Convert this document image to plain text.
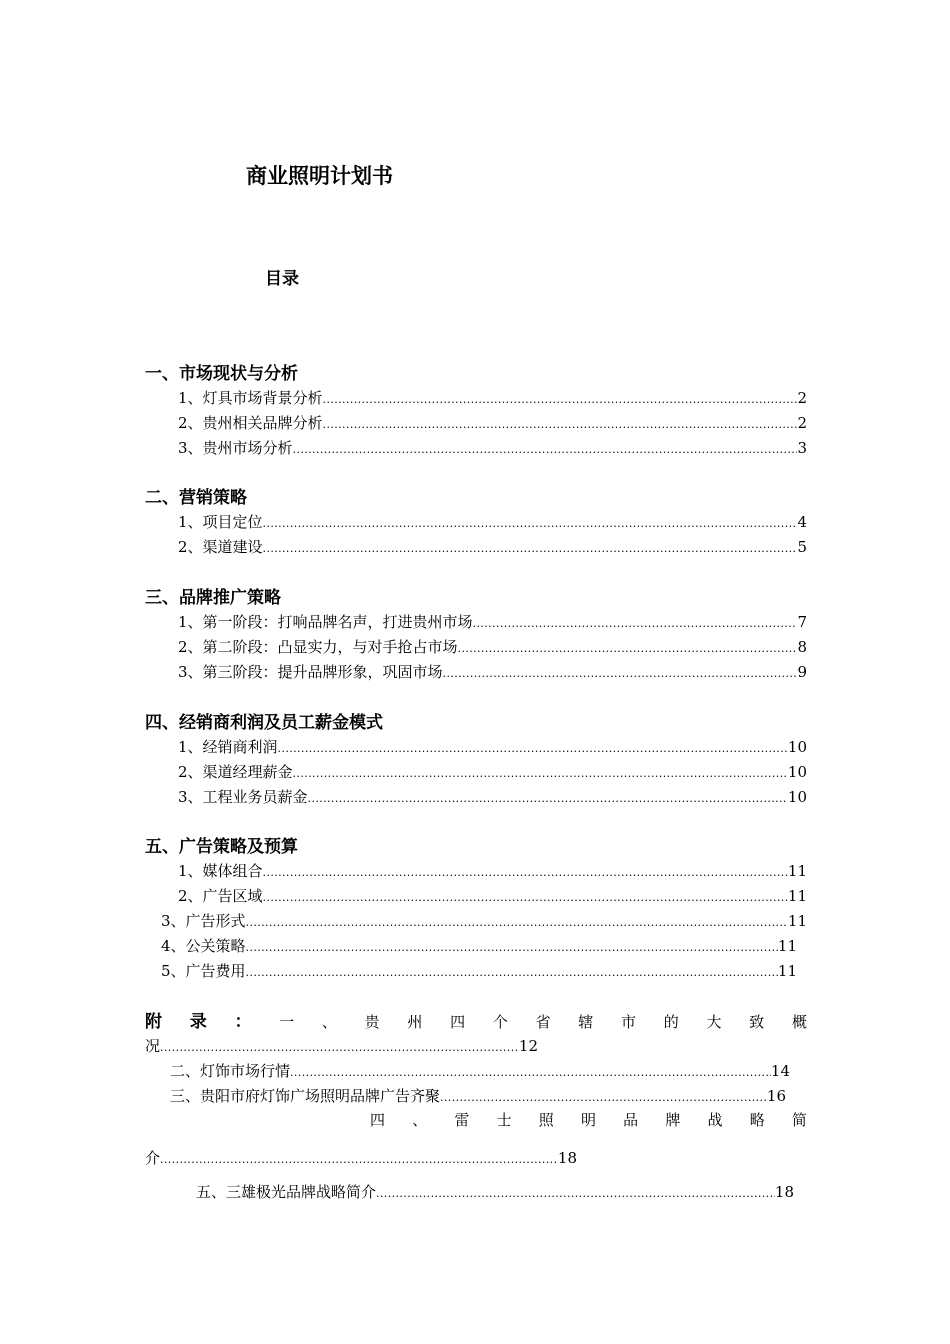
商业照明计划书
目录
一、市场现状与分析
1、灯具市场背景分析 .....	2
2、贵州相关品牌分析 .....	2
3、贵州市场分析 .....	3
二、营销策略
1、项目定位 .....	4
2、渠道建设 .....	5
三、品牌推广策略
1、第一阶段：打响品牌名声，打进贵州市场 .....	7
2、第二阶段：凸显实力，与对手抢占市场 .....	8
3、第三阶段：提升品牌形象，巩固市场 .....	9
四、经销商利润及员工薪金模式
1、经销商利润 .....	10
2、渠道经理薪金 .....	10
3、工程业务员薪金 .....	10
五、广告策略及预算
1、媒体组合 .....	11
2、广告区域 .....	11
3、广告形式 .....	11
4、公关策略 .....	11
5、广告费用 .....	11
附 录 ： 一 、 贵 州 四 个 省 辖 市 的 大 致 概
况 .....	12
二、灯饰市场行情 .....	14
三、贵阳市府灯饰广场照明品牌广告齐聚 .....	16
四 、 雷 士 照 明 品 牌 战 略 简
介 .....	18
五、三雄极光品牌战略简介 .....	18
